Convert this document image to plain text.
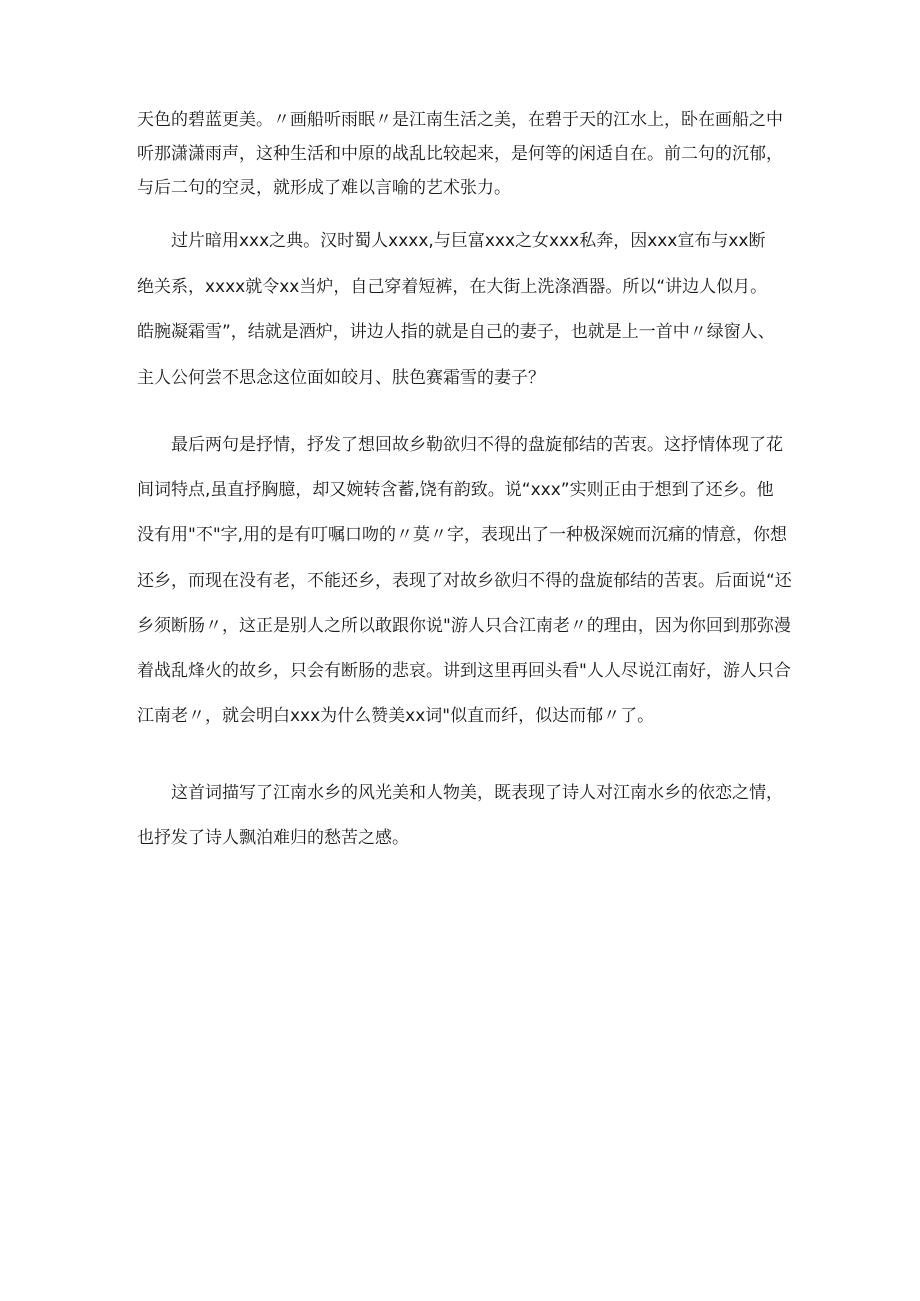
天色的碧蓝更美。〃画船听雨眠〃是江南生活之美，在碧于天的江水上，卧在画船之中
听那潇潇雨声，这种生活和中原的战乱比较起来，是何等的闲适自在。前二句的沉郁，
与后二句的空灵，就形成了难以言喻的艺术张力。
　　过片暗用xxx之典。汉时蜀人xxxx,与巨富xxx之女xxx私奔，因xxx宣布与xx断
绝关系，xxxx就令xx当炉，自己穿着短裤，在大街上洗涤酒器。所以“讲边人似月。
皓腕凝霜雪”，结就是酒炉，讲边人指的就是自己的妻子，也就是上一首中〃绿窗人、
主人公何尝不思念这位面如皎月、肤色赛霜雪的妻子？
　　最后两句是抒情，抒发了想回故乡勒欲归不得的盘旋郁结的苦衷。这抒情体现了花
间词特点,虽直抒胸臆，却又婉转含蓄,饶有韵致。说“xxx”实则正由于想到了还乡。他
没有用"不"字,用的是有叮嘱口吻的〃莫〃字，表现出了一种极深婉而沉痛的情意，你想
还乡，而现在没有老，不能还乡，表现了对故乡欲归不得的盘旋郁结的苦衷。后面说“还
乡须断肠〃，这正是别人之所以敢跟你说"游人只合江南老〃的理由，因为你回到那弥漫
着战乱烽火的故乡，只会有断肠的悲哀。讲到这里再回头看"人人尽说江南好，游人只合
江南老〃，就会明白xxx为什么赞美xx词"似直而纤，似达而郁〃了。
　　这首词描写了江南水乡的风光美和人物美，既表现了诗人对江南水乡的依恋之情，
也抒发了诗人飘泊难归的愁苦之感。
